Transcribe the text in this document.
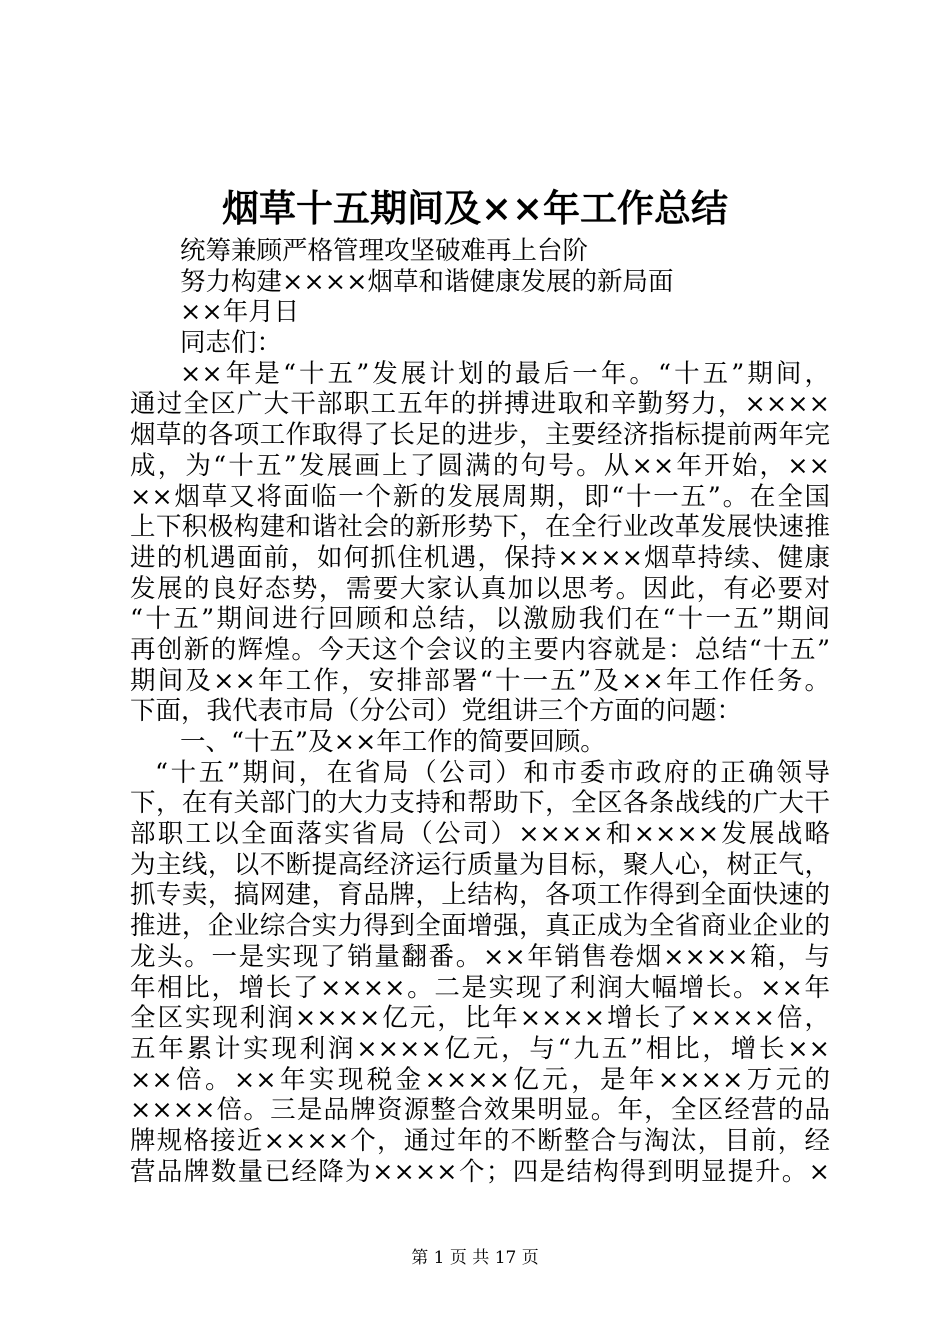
烟草十五期间及××年工作总结
统筹兼顾严格管理攻坚破难再上台阶
努力构建××××烟草和谐健康发展的新局面
××年月日
同志们：
××年是“十五”发展计划的最后一年。“十五”期间，
通过全区广大干部职工五年的拼搏进取和辛勤努力，××××
烟草的各项工作取得了长足的进步，主要经济指标提前两年完
成，为“十五”发展画上了圆满的句号。从××年开始，××
××烟草又将面临一个新的发展周期，即“十一五”。在全国
上下积极构建和谐社会的新形势下，在全行业改革发展快速推
进的机遇面前，如何抓住机遇，保持××××烟草持续、健康
发展的良好态势，需要大家认真加以思考。因此，有必要对
“十五”期间进行回顾和总结，以激励我们在“十一五”期间
再创新的辉煌。今天这个会议的主要内容就是：总结“十五”
期间及××年工作，安排部署“十一五”及××年工作任务。
下面，我代表市局（分公司）党组讲三个方面的问题：
一、“十五”及××年工作的简要回顾。
“十五”期间，在省局（公司）和市委市政府的正确领导
下，在有关部门的大力支持和帮助下，全区各条战线的广大干
部职工以全面落实省局（公司）××××和××××发展战略
为主线，以不断提高经济运行质量为目标，聚人心，树正气，
抓专卖，搞网建，育品牌，上结构，各项工作得到全面快速的
推进，企业综合实力得到全面增强，真正成为全省商业企业的
龙头。一是实现了销量翻番。××年销售卷烟××××箱，与
年相比，增长了××××。二是实现了利润大幅增长。××年
全区实现利润××××亿元，比年××××增长了××××倍，
五年累计实现利润××××亿元，与“九五”相比，增长××
××倍。××年实现税金××××亿元，是年××××万元的
××××倍。三是品牌资源整合效果明显。年，全区经营的品
牌规格接近××××个，通过年的不断整合与淘汰，目前，经
营品牌数量已经降为××××个；四是结构得到明显提升。×
第 1 页 共 17 页
